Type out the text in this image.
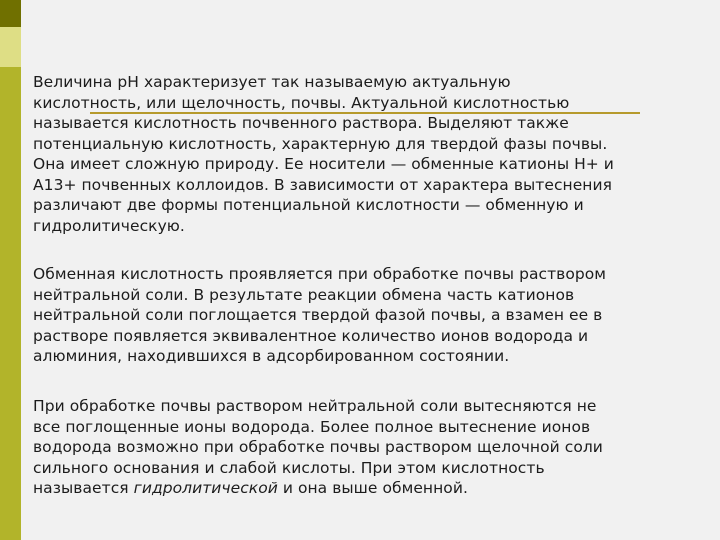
Величина pH характеризует так называемую актуальную
кислотность, или щелочность, почвы. Актуальной кислотностью
называется кислотность почвенного раствора. Выделяют также
потенциальную кислотность, характерную для твердой фазы почвы.
Она имеет сложную природу. Ее носители — обменные катионы Н+ и
А13+ почвенных коллоидов. В зависимости от характера вытеснения
различают две формы потенциальной кислотности — обменную и
гидролитическую.

Обменная кислотность проявляется при обработке почвы раствором
нейтральной соли. В результате реакции обмена часть катионов
нейтральной соли поглощается твердой фазой почвы, а взамен ее в
растворе появляется эквивалентное количество ионов водорода и
алюминия, находившихся в адсорбированном состоянии.

При обработке почвы раствором нейтральной соли вытесняются не
все поглощенные ионы водорода. Более полное вытеснение ионов
водорода возможно при обработке почвы раствором щелочной соли
сильного основания и слабой кислоты. При этом кислотность
называется гидролитической и она выше обменной.
